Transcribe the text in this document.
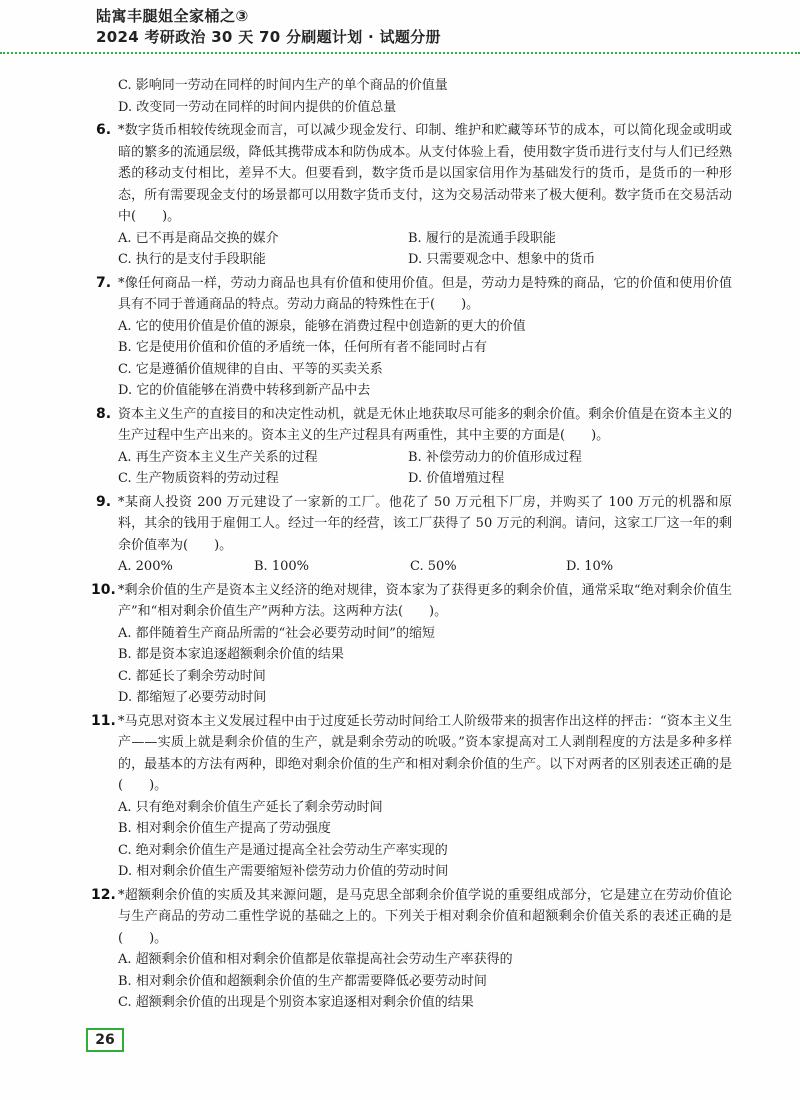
陆寓丰腿姐全家桶之③
2024 考研政治 30 天 70 分刷题计划 · 试题分册
C. 影响同一劳动在同样的时间内生产的单个商品的价值量
D. 改变同一劳动在同样的时间内提供的价值总量
6. *数字货币相较传统现金而言，可以减少现金发行、印制、维护和贮藏等环节的成本，可以简化现金或明或暗的繁多的流通层级，降低其携带成本和防伪成本。从支付体验上看，使用数字货币进行支付与人们已经熟悉的移动支付相比，差异不大。但要看到，数字货币是以国家信用作为基础发行的货币，是货币的一种形态，所有需要现金支付的场景都可以用数字货币支付，这为交易活动带来了极大便利。数字货币在交易活动中(　　)。
A. 已不再是商品交换的媒介	B. 履行的是流通手段职能
C. 执行的是支付手段职能	D. 只需要观念中、想象中的货币
7. *像任何商品一样，劳动力商品也具有价值和使用价值。但是，劳动力是特殊的商品，它的价值和使用价值具有不同于普通商品的特点。劳动力商品的特殊性在于(　　)。
A. 它的使用价值是价值的源泉，能够在消费过程中创造新的更大的价值
B. 它是使用价值和价值的矛盾统一体，任何所有者不能同时占有
C. 它是遵循价值规律的自由、平等的买卖关系
D. 它的价值能够在消费中转移到新产品中去
8. 资本主义生产的直接目的和决定性动机，就是无休止地获取尽可能多的剩余价值。剩余价值是在资本主义的生产过程中生产出来的。资本主义的生产过程具有两重性，其中主要的方面是(　　)。
A. 再生产资本主义生产关系的过程	B. 补偿劳动力的价值形成过程
C. 生产物质资料的劳动过程	D. 价值增殖过程
9. *某商人投资 200 万元建设了一家新的工厂。他花了 50 万元租下厂房，并购买了 100 万元的机器和原料，其余的钱用于雇佣工人。经过一年的经营，该工厂获得了 50 万元的利润。请问，这家工厂这一年的剩余价值率为(　　)。
A. 200%	B. 100%	C. 50%	D. 10%
10. *剩余价值的生产是资本主义经济的绝对规律，资本家为了获得更多的剩余价值，通常采取“绝对剩余价值生产”和“相对剩余价值生产”两种方法。这两种方法(　　)。
A. 都伴随着生产商品所需的“社会必要劳动时间”的缩短
B. 都是资本家追逐超额剩余价值的结果
C. 都延长了剩余劳动时间
D. 都缩短了必要劳动时间
11. *马克思对资本主义发展过程中由于过度延长劳动时间给工人阶级带来的损害作出这样的抨击：“资本主义生产——实质上就是剩余价值的生产，就是剩余劳动的吮吸。”资本家提高对工人剥削程度的方法是多种多样的，最基本的方法有两种，即绝对剩余价值的生产和相对剩余价值的生产。以下对两者的区别表述正确的是(　　)。
A. 只有绝对剩余价值生产延长了剩余劳动时间
B. 相对剩余价值生产提高了劳动强度
C. 绝对剩余价值生产是通过提高全社会劳动生产率实现的
D. 相对剩余价值生产需要缩短补偿劳动力价值的劳动时间
12. *超额剩余价值的实质及其来源问题，是马克思全部剩余价值学说的重要组成部分，它是建立在劳动价值论与生产商品的劳动二重性学说的基础之上的。下列关于相对剩余价值和超额剩余价值关系的表述正确的是(　　)。
A. 超额剩余价值和相对剩余价值都是依靠提高社会劳动生产率获得的
B. 相对剩余价值和超额剩余价值的生产都需要降低必要劳动时间
C. 超额剩余价值的出现是个别资本家追逐相对剩余价值的结果
26
